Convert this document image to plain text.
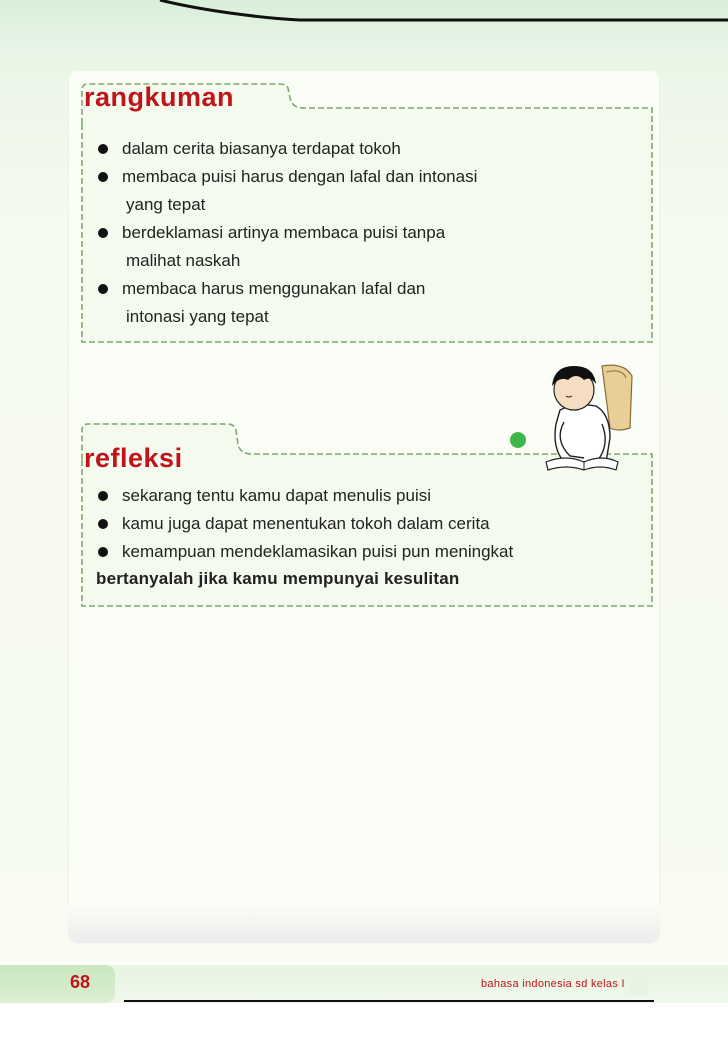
rangkuman
dalam cerita biasanya terdapat tokoh
membaca puisi harus dengan lafal dan intonasi
yang tepat
berdeklamasi artinya membaca puisi tanpa
malihat naskah
membaca harus menggunakan lafal dan
intonasi yang tepat
refleksi
sekarang tentu kamu dapat menulis puisi
kamu juga dapat menentukan tokoh dalam cerita
kemampuan mendeklamasikan puisi pun meningkat
bertanyalah jika kamu mempunyai kesulitan
68	bahasa indonesia sd kelas I
